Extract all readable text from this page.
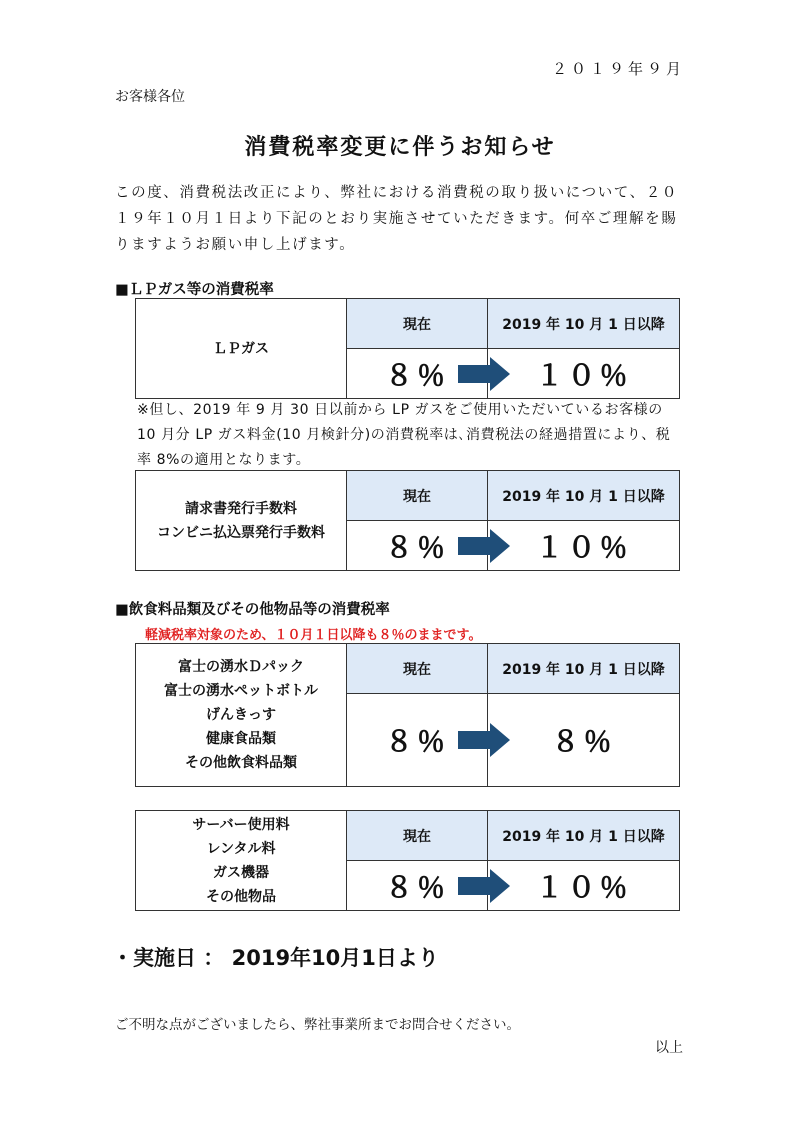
２０１９年９月
お客様各位
消費税率変更に伴うお知らせ
この度、消費税法改正により、弊社における消費税の取り扱いについて、２０１９年１０月１日より下記のとおり実施させていただきます。何卒ご理解を賜りますようお願い申し上げます。
■ＬＰガス等の消費税率
ＬＰガス	現在	2019 年 10 月 1 日以降
	８％	１０％
※但し、2019 年 9 月 30 日以前から LP ガスをご使用いただいているお客様の 10 月分 LP ガス料金(10 月検針分)の消費税率は､消費税法の経過措置により、税率 8%の適用となります。
請求書発行手数料
コンビニ払込票発行手数料	現在	2019 年 10 月 1 日以降
	８％	１０％
■飲食料品類及びその他物品等の消費税率
軽減税率対象のため、１０月１日以降も８％のままです。
富士の湧水Ｄパック
富士の湧水ペットボトル
げんきっす
健康食品類
その他飲食料品類	現在	2019 年 10 月 1 日以降
	８％	８％
サーバー使用料
レンタル料
ガス機器
その他物品	現在	2019 年 10 月 1 日以降
	８％	１０％
・実施日 ： 2019年10月1日より
ご不明な点がございましたら、弊社事業所までお問合せください。
以上
